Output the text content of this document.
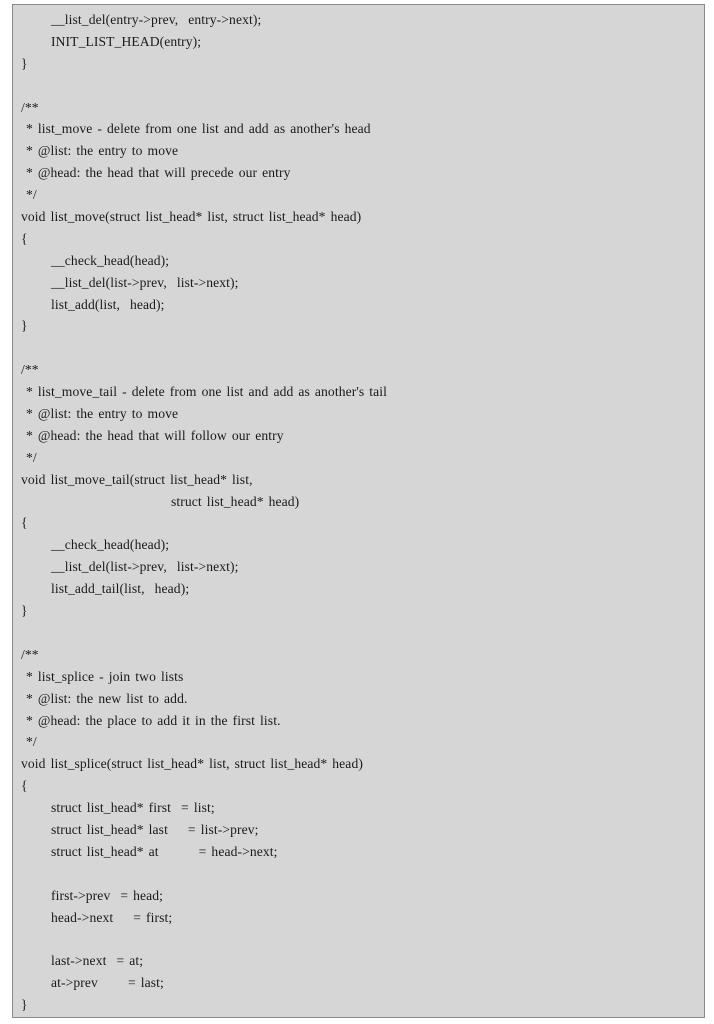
__list_del(entry->prev,  entry->next);
INIT_LIST_HEAD(entry);
}
/**
* list_move - delete from one list and add as another's head
* @list: the entry to move
* @head: the head that will precede our entry
*/
void list_move(struct list_head* list, struct list_head* head)
{
__check_head(head);
__list_del(list->prev,  list->next);
list_add(list,  head);
}
/**
* list_move_tail - delete from one list and add as another's tail
* @list: the entry to move
* @head: the head that will follow our entry
*/
void list_move_tail(struct list_head* list,
struct list_head* head)
{
__check_head(head);
__list_del(list->prev,  list->next);
list_add_tail(list,  head);
}
/**
* list_splice - join two lists
* @list: the new list to add.
* @head: the place to add it in the first list.
*/
void list_splice(struct list_head* list, struct list_head* head)
{
struct list_head* first  = list;
struct list_head* last    = list->prev;
struct list_head* at        = head->next;
first->prev  = head;
head->next    = first;
last->next  = at;
at->prev      = last;
}
